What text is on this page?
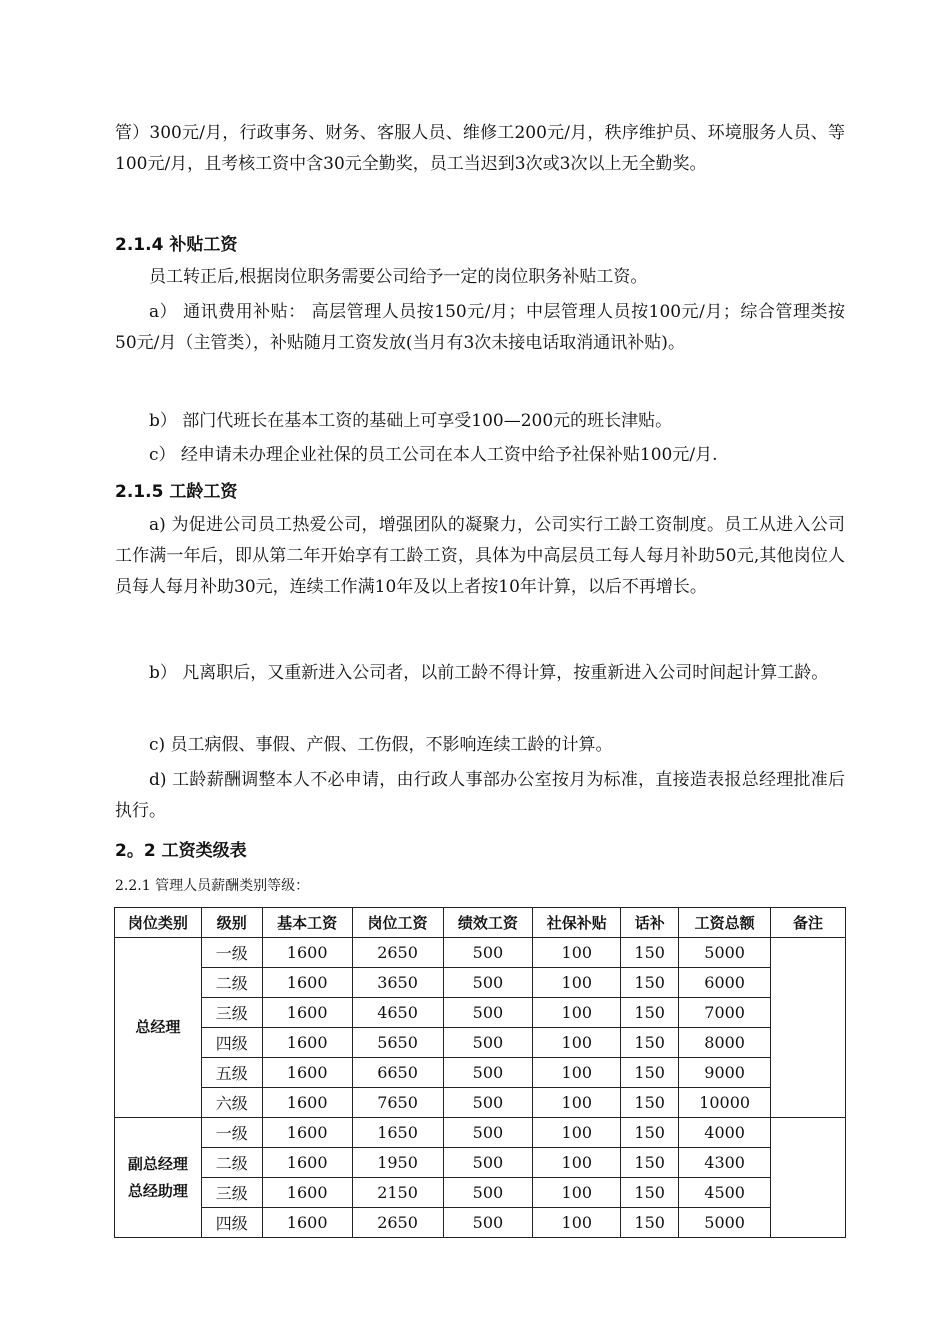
管）300元/月，行政事务、财务、客服人员、维修工200元/月，秩序维护员、环境服务人员、等100元/月，且考核工资中含30元全勤奖，员工当迟到3次或3次以上无全勤奖。

2.1.4 补贴工资

员工转正后,根据岗位职务需要公司给予一定的岗位职务补贴工资。

a） 通讯费用补贴： 高层管理人员按150元/月；中层管理人员按100元/月；综合管理类按50元/月（主管类），补贴随月工资发放(当月有3次未接电话取消通讯补贴)。

b） 部门代班长在基本工资的基础上可享受100—200元的班长津贴。

c） 经申请未办理企业社保的员工公司在本人工资中给予社保补贴100元/月.

2.1.5 工龄工资

a) 为促进公司员工热爱公司，增强团队的凝聚力，公司实行工龄工资制度。员工从进入公司工作满一年后，即从第二年开始享有工龄工资，具体为中高层员工每人每月补助50元,其他岗位人员每人每月补助30元，连续工作满10年及以上者按10年计算，以后不再增长。

b） 凡离职后，又重新进入公司者，以前工龄不得计算，按重新进入公司时间起计算工龄。

c) 员工病假、事假、产假、工伤假，不影响连续工龄的计算。

d) 工龄薪酬调整本人不必申请，由行政人事部办公室按月为标准，直接造表报总经理批准后执行。

2。2 工资类级表

2.2.1 管理人员薪酬类别等级：

岗位类别	级别	基本工资	岗位工资	绩效工资	社保补贴	话补	工资总额	备注

总经理	一级	1600	2650	500	100	150	5000	
	二级	1600	3650	500	100	150	6000	
	三级	1600	4650	500	100	150	7000	
	四级	1600	5650	500	100	150	8000	
	五级	1600	6650	500	100	150	9000	
	六级	1600	7650	500	100	150	10000	

副总经理
总经助理	一级	1600	1650	500	100	150	4000	
	二级	1600	1950	500	100	150	4300	
	三级	1600	2150	500	100	150	4500	
	四级	1600	2650	500	100	150	5000	
